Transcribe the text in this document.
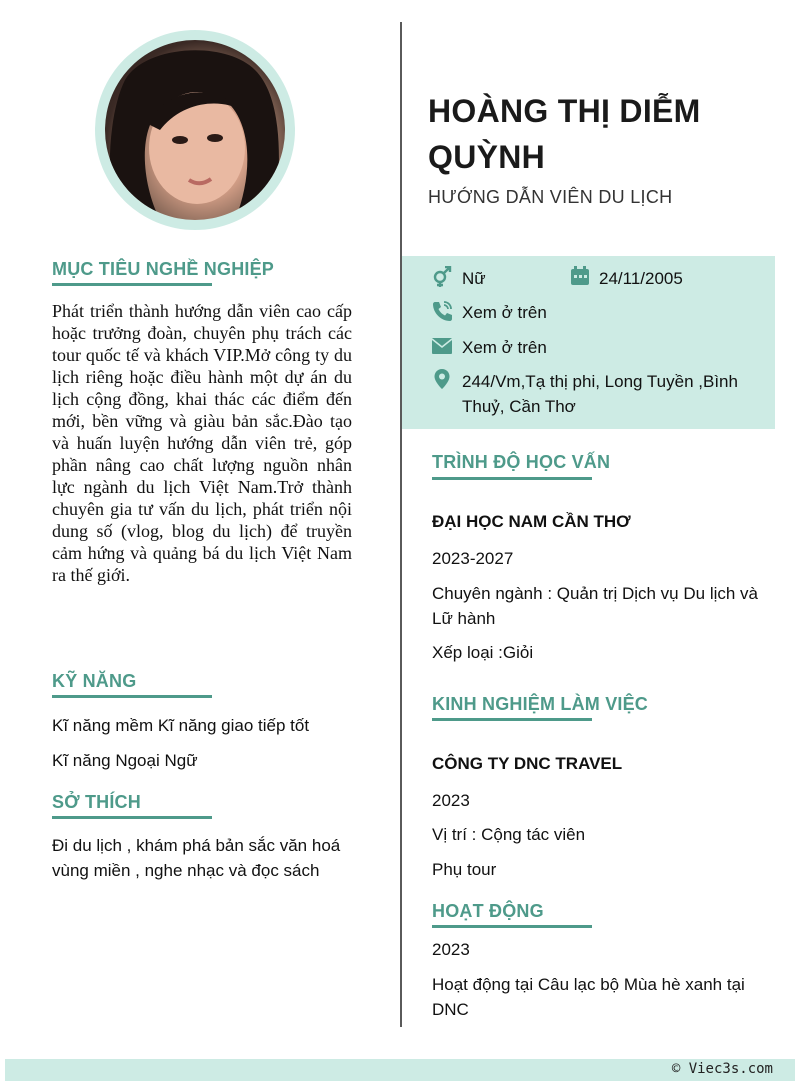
MỤC TIÊU NGHỀ NGHIỆP
Phát triển thành hướng dẫn viên cao cấp hoặc trưởng đoàn, chuyên phụ trách các tour quốc tế và khách VIP.Mở công ty du lịch riêng hoặc điều hành một dự án du lịch cộng đồng, khai thác các điểm đến mới, bền vững và giàu bản sắc.Đào tạo và huấn luyện hướng dẫn viên trẻ, góp phần nâng cao chất lượng nguồn nhân lực ngành du lịch Việt Nam.Trở thành chuyên gia tư vấn du lịch, phát triển nội dung số (vlog, blog du lịch) để truyền cảm hứng và quảng bá du lịch Việt Nam ra thế giới.
KỸ NĂNG
Kĩ năng mềm Kĩ năng giao tiếp tốt
Kĩ năng Ngoại Ngữ
SỞ THÍCH
Đi du lịch , khám phá bản sắc văn hoá vùng miền , nghe nhạc và đọc sách
HOÀNG THỊ DIỄM QUỲNH
HƯỚNG DẪN VIÊN DU LỊCH
Nữ	24/11/2005
Xem ở trên
Xem ở trên
244/Vm,Tạ thị phi, Long Tuyền ,Bình Thuỷ, Cần Thơ
TRÌNH ĐỘ HỌC VẤN
ĐẠI HỌC NAM CẦN THƠ
2023-2027
Chuyên ngành : Quản trị Dịch vụ Du lịch và Lữ hành
Xếp loại :Giỏi
KINH NGHIỆM LÀM VIỆC
CÔNG TY DNC TRAVEL
2023
Vị trí : Cộng tác viên
Phụ tour
HOẠT ĐỘNG
2023
Hoạt động tại Câu lạc bộ Mùa hè xanh tại DNC
© Viec3s.com
